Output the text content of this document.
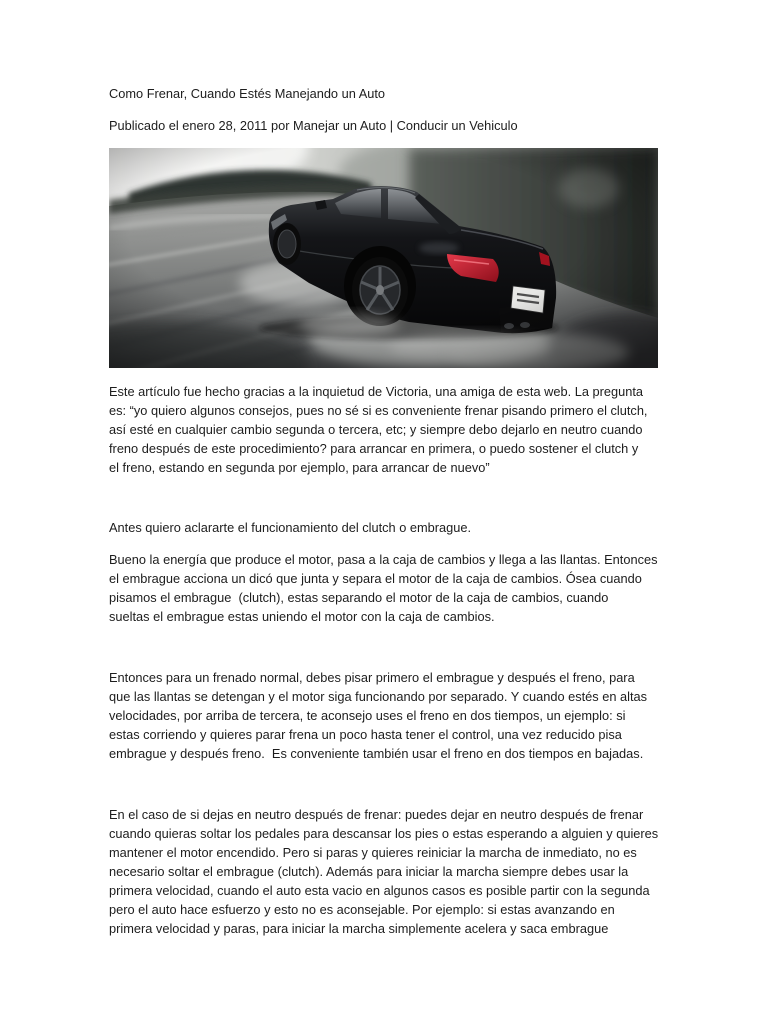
Como Frenar, Cuando Estés Manejando un Auto
Publicado el enero 28, 2011 por Manejar un Auto | Conducir un Vehiculo
Este artículo fue hecho gracias a la inquietud de Victoria, una amiga de esta web. La pregunta
es: “yo quiero algunos consejos, pues no sé si es conveniente frenar pisando primero el clutch,
así esté en cualquier cambio segunda o tercera, etc; y siempre debo dejarlo en neutro cuando
freno después de este procedimiento? para arrancar en primera, o puedo sostener el clutch y
el freno, estando en segunda por ejemplo, para arrancar de nuevo”
Antes quiero aclararte el funcionamiento del clutch o embrague.
Bueno la energía que produce el motor, pasa a la caja de cambios y llega a las llantas. Entonces
el embrague acciona un dicó que junta y separa el motor de la caja de cambios. Ósea cuando
pisamos el embrague  (clutch), estas separando el motor de la caja de cambios, cuando
sueltas el embrague estas uniendo el motor con la caja de cambios.
Entonces para un frenado normal, debes pisar primero el embrague y después el freno, para
que las llantas se detengan y el motor siga funcionando por separado. Y cuando estés en altas
velocidades, por arriba de tercera, te aconsejo uses el freno en dos tiempos, un ejemplo: si
estas corriendo y quieres parar frena un poco hasta tener el control, una vez reducido pisa
embrague y después freno.  Es conveniente también usar el freno en dos tiempos en bajadas.
En el caso de si dejas en neutro después de frenar: puedes dejar en neutro después de frenar
cuando quieras soltar los pedales para descansar los pies o estas esperando a alguien y quieres
mantener el motor encendido. Pero si paras y quieres reiniciar la marcha de inmediato, no es
necesario soltar el embrague (clutch). Además para iniciar la marcha siempre debes usar la
primera velocidad, cuando el auto esta vacio en algunos casos es posible partir con la segunda
pero el auto hace esfuerzo y esto no es aconsejable. Por ejemplo: si estas avanzando en
primera velocidad y paras, para iniciar la marcha simplemente acelera y saca embrague
